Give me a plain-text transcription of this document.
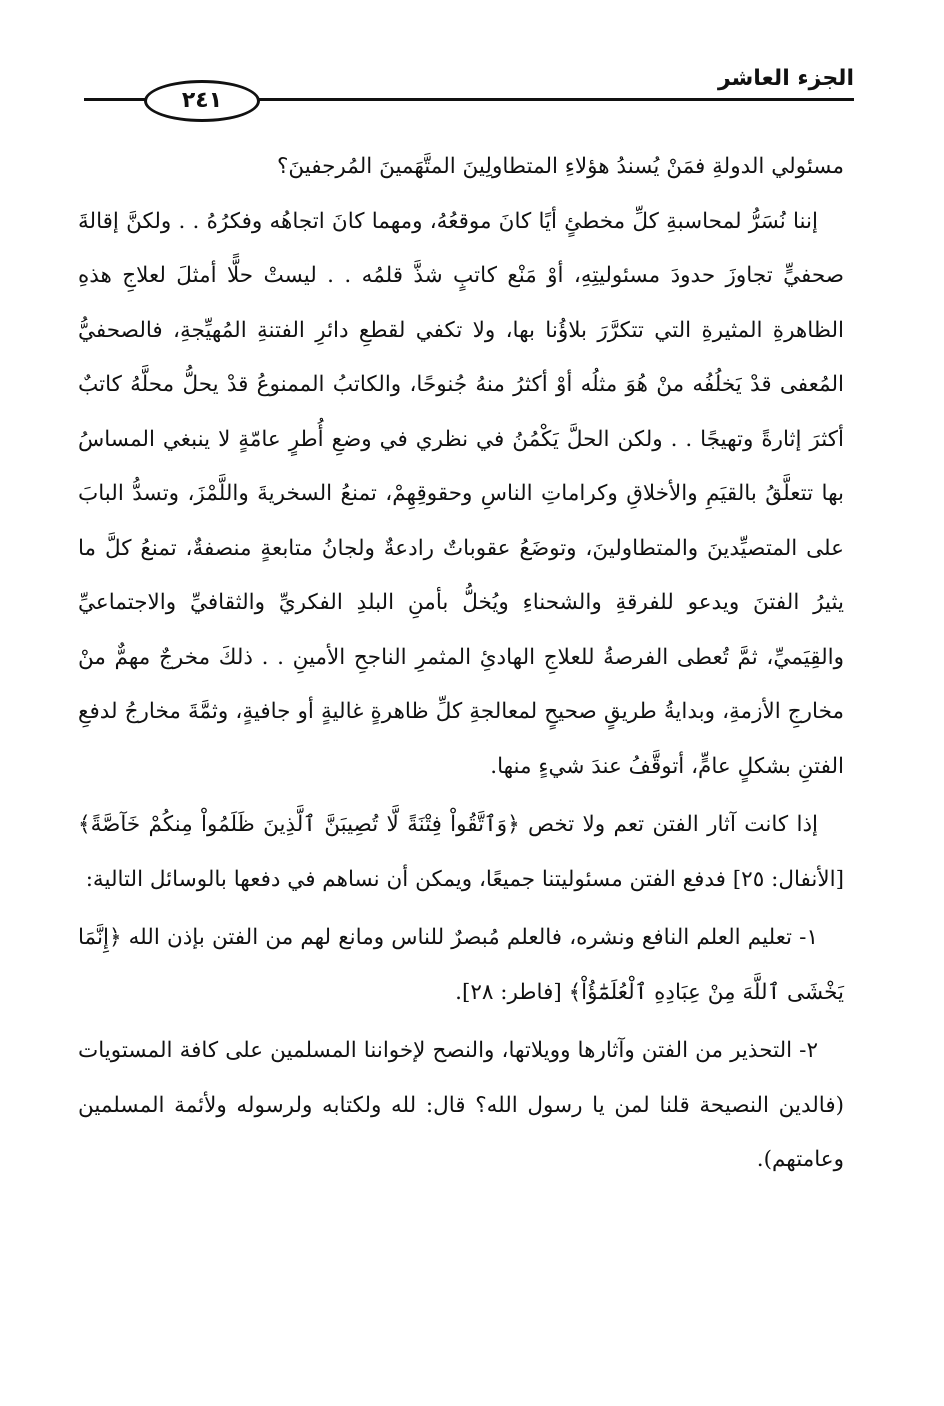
الجزء العاشر
٢٤١

مسئولي الدولةِ فمَنْ يُسندُ هؤلاءِ المتطاولِينَ المتَّهَمينَ المُرجفينَ؟

إننا نُسَرُّ لمحاسبةِ كلِّ مخطئٍ أيًا كانَ موقعُهُ، ومهما كانَ اتجاهُه وفكرُهُ . . ولكنَّ إقالةَ صحفيٍّ تجاوزَ حدودَ مسئوليتِهِ، أوْ مَنْع كاتبٍ شذَّ قلمُه . . ليستْ حلًّا أمثلَ لعلاجِ هذهِ الظاهرةِ المثيرةِ التي تتكرَّرَ بلاؤُنا بها، ولا تكفي لقطعِ دائرِ الفتنةِ المُهيِّجةِ، فالصحفيُّ المُعفى قدْ يَخلُفُه منْ هُوَ مثلُه أوْ أكثرُ منهُ جُنوحًا، والكاتبُ الممنوعُ قدْ يحلُّ محلَّهُ كاتبٌ أكثرَ إثارةً وتهيجًا . . ولكن الحلَّ يَكْمُنُ في نظري في وضعِ أُطرٍ عامّةٍ لا ينبغي المساسُ بها تتعلَّقُ بالقيَمِ والأخلاقِ وكراماتِ الناسِ وحقوقِهِمْ، تمنعُ السخريةَ واللَّمْزَ، وتسدُّ البابَ على المتصيِّدينَ والمتطاولينَ، وتوضَعُ عقوباتٌ رادعةٌ ولجانُ متابعةٍ منصفةٌ، تمنعُ كلَّ ما يثيرُ الفتنَ ويدعو للفرقةِ والشحناءِ ويُخلُّ بأمنِ البلدِ الفكريِّ والثقافيِّ والاجتماعيِّ والقِيَميِّ، ثمَّ تُعطى الفرصةُ للعلاجِ الهادئِ المثمرِ الناجحِ الأمينِ . . ذلكَ مخرجٌ مهمٌّ منْ مخارجِ الأزمةِ، وبدايةُ طريقٍ صحيحٍ لمعالجةِ كلِّ ظاهرةٍ غاليةٍ أو جافيةٍ، وثمَّةَ مخارجُ لدفعِ الفتنِ بشكلٍ عامٍّ، أتوقَّفُ عندَ شيءٍ منها.

إذا كانت آثار الفتن تعم ولا تخص ﴿وَٱتَّقُواْ فِتْنَةً لَّا تُصِيبَنَّ ٱلَّذِينَ ظَلَمُواْ مِنكُمْ خَآصَّةً﴾ [الأنفال: ٢٥] فدفع الفتن مسئوليتنا جميعًا، ويمكن أن نساهم في دفعها بالوسائل التالية:

١- تعليم العلم النافع ونشره، فالعلم مُبصرٌ للناس ومانع لهم من الفتن بإذن الله ﴿إِنَّمَا يَخْشَى ٱللَّهَ مِنْ عِبَادِهِ ٱلْعُلَمَٰٓؤُاْ﴾ [فاطر: ٢٨].

٢- التحذير من الفتن وآثارها وويلاتها، والنصح لإخواننا المسلمين على كافة المستويات (فالدين النصيحة قلنا لمن يا رسول الله؟ قال: لله ولكتابه ولرسوله ولأئمة المسلمين وعامتهم).
